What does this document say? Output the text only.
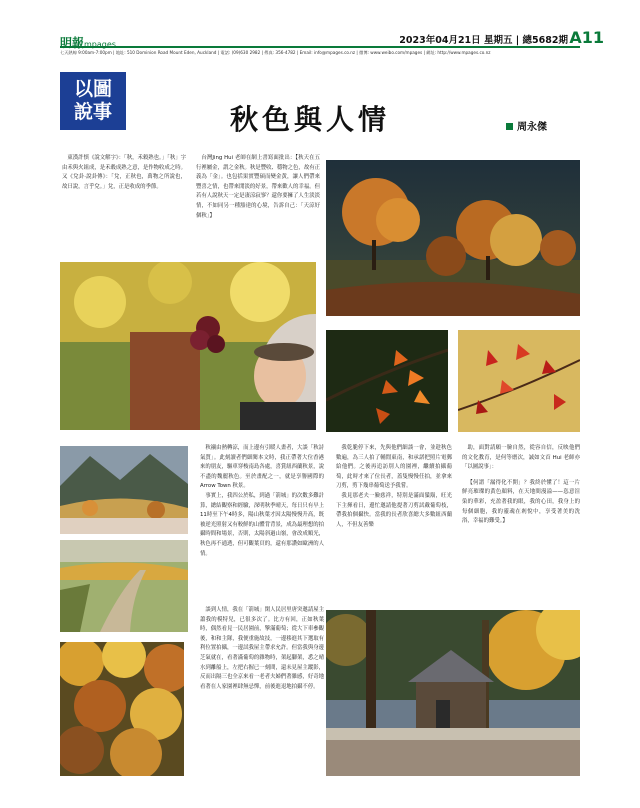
明報mpages	2023年04月21日 星期五 | 總5682期 A11
七天熱線 9:00am-7:00pm | 地址: 510 Dominion Road Mount Eden, Auckland | 電話: (09)630 2982 | 傳真: 356-4782 | Email: info@mpages.co.nz | 微博: www.weibo.com/mpages | 網址: http://www.mpages.co.nz
以圖
說事	秋色與人情	周永傑

東漢許慎《說文解字》：「秋，禾穀熟也。」「秋」字由禾與火組成，是禾穀成熟之意，是作物收成之時。又《兌卦·說卦傳》：「兌，正秋也，萬物之所說也，故曰說，言乎兌。」兌，正是收成的季節。

台灣Jing Hui 老師在網上書寫面批出：【秋天在五行裡屬金，謂之金秋。秋是豐收、穩物之色，故有正義為「金」。也包括果實豐碩而變金黃，讓人們帶來豐喜之情，也帶來閒淡的好景，帶來歡人的幸福。但若有人說秋天一定是凄涼寂寥？還你要擁了人生淡淡情，不如同另一種豁達的心境，告訴自己：「天涼好個秋」】

秋襯由熱轉涼，而上邊有引暖人畫者，大談「秋詩氣質」。此刻讀者們細閱本文時，我正帶著大位香港來的朋友，驅車穿梭南島各處，喜賞紐西蘭秋景，說不盡的魏麗秋色。至於畫配之一，就是享譽國際的 Arrow Town 秋景。

事實上，我四公於私，到過「箭城」的次數多難計算，總結觀察和經驗，深明秋季晴天，每日只有早上11時至下午4時多，陽山秋葉才因太陽慢慢升高，既被逆光照射又有較鮮的山體背背景，成為最理想的拍攝時間和場景，否則，太陽斜過山嶺，會改成順光，秋色再不通透，但可觀葉頁的，還有那讚如歐洲的人情。

談到人情，我在「箭城」閑人民居里唐突邀請屋主蕭我的模特兒，已很多次了。比方有回，正如秋葉時，偶然看見一民居園前，擎滿葡萄；從大下車參觀後，和和主隊，我便重施故技，一邊移進其下選取有利位置拍攝，一邊試我屋主帶求允許。但當我與身邊芝氣就在，看著滿葡萄的雜物時，架起腳架，悉之晴水到離船上，左把右握已一刻間，還未見屋主蹤影，反而出隔三也全京來看一老者夫婦們著雜感，好奇地看著在人家園裡肆無忌憚，前後進退地拍攝不停。

我乾脆停下來，先與他們細談一會，並趁秋色數遍，為三人拍了輔閒東南，和承諾把照片電郵給他們。之後再追訪別人的園裡，繼續拍攝葡萄，此時才來了位長者，蓋隻慢慢任拍，並拿來刀剪，剪下幾串葡萄送予我嘗。

我見那老夫一臉慈祥，特別是滿面鬚鬍，旺光下主揮看日，邊忙邀請他提著刀剪試戴葡萄枝，帶我拍個攝快。當我的長者欣喜總大多數紐西蘭人，不但友善樂

助，面對請願一臉自然，從容自信，反映他們的文化教育，是何等磨次，誠如文首 Hui 老師亦「以圖說事」：

【何謂「漏得化不開」？我終於懂了！這一片鮮亮璀璨的黃色顏料，在天地間漫溢——恣意渲染的華彩，充盈著我的眼，我的心田，我身上的每個細胞，我的靈魂在剎悅中，享受著美的洗浴，幸福的難受。】
